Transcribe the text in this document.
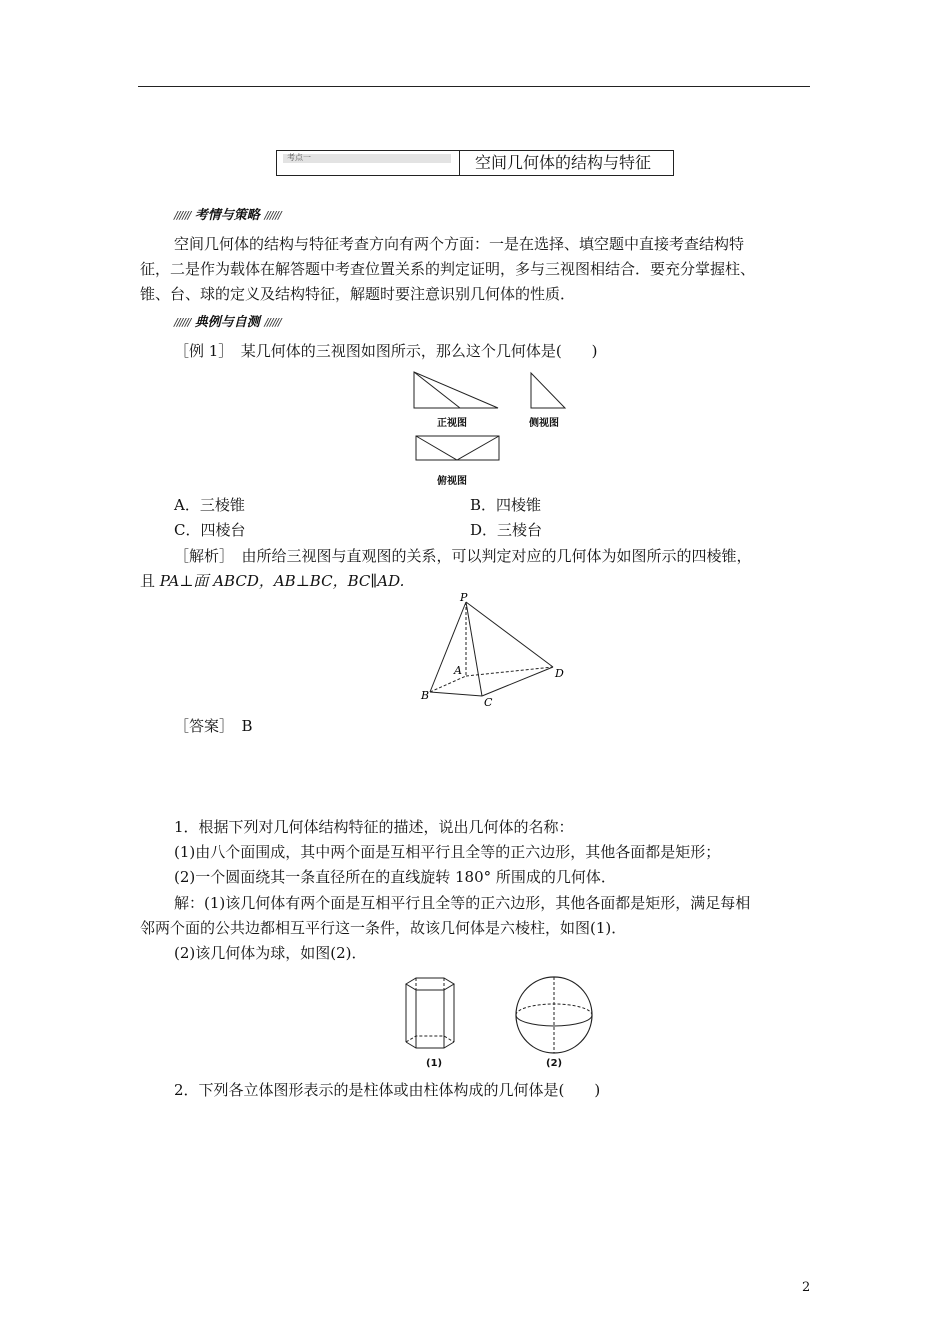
考点一	空间几何体的结构与特征
////// 考情与策略 //////
空间几何体的结构与特征考查方向有两个方面：一是在选择、填空题中直接考查结构特
征，二是作为载体在解答题中考查位置关系的判定证明，多与三视图相结合．要充分掌握柱、
锥、台、球的定义及结构特征，解题时要注意识别几何体的性质．
////// 典例与自测 //////
［例 1］　某几何体的三视图如图所示，那么这个几何体是(　　)
正视图	侧视图
俯视图
A．三棱锥	B．四棱锥
C．四棱台	D．三棱台
［解析］　由所给三视图与直观图的关系，可以判定对应的几何体为如图所示的四棱锥，
且 PA⊥面 ABCD，AB⊥BC，BC∥AD.
P
A
B
C
D
［答案］　B
1．根据下列对几何体结构特征的描述，说出几何体的名称：
(1)由八个面围成，其中两个面是互相平行且全等的正六边形，其他各面都是矩形；
(2)一个圆面绕其一条直径所在的直线旋转 180° 所围成的几何体．
解：(1)该几何体有两个面是互相平行且全等的正六边形，其他各面都是矩形，满足每相
邻两个面的公共边都相互平行这一条件，故该几何体是六棱柱，如图(1)．
(2)该几何体为球，如图(2)．
(1)	(2)
2．下列各立体图形表示的是柱体或由柱体构成的几何体是(　　)
2
